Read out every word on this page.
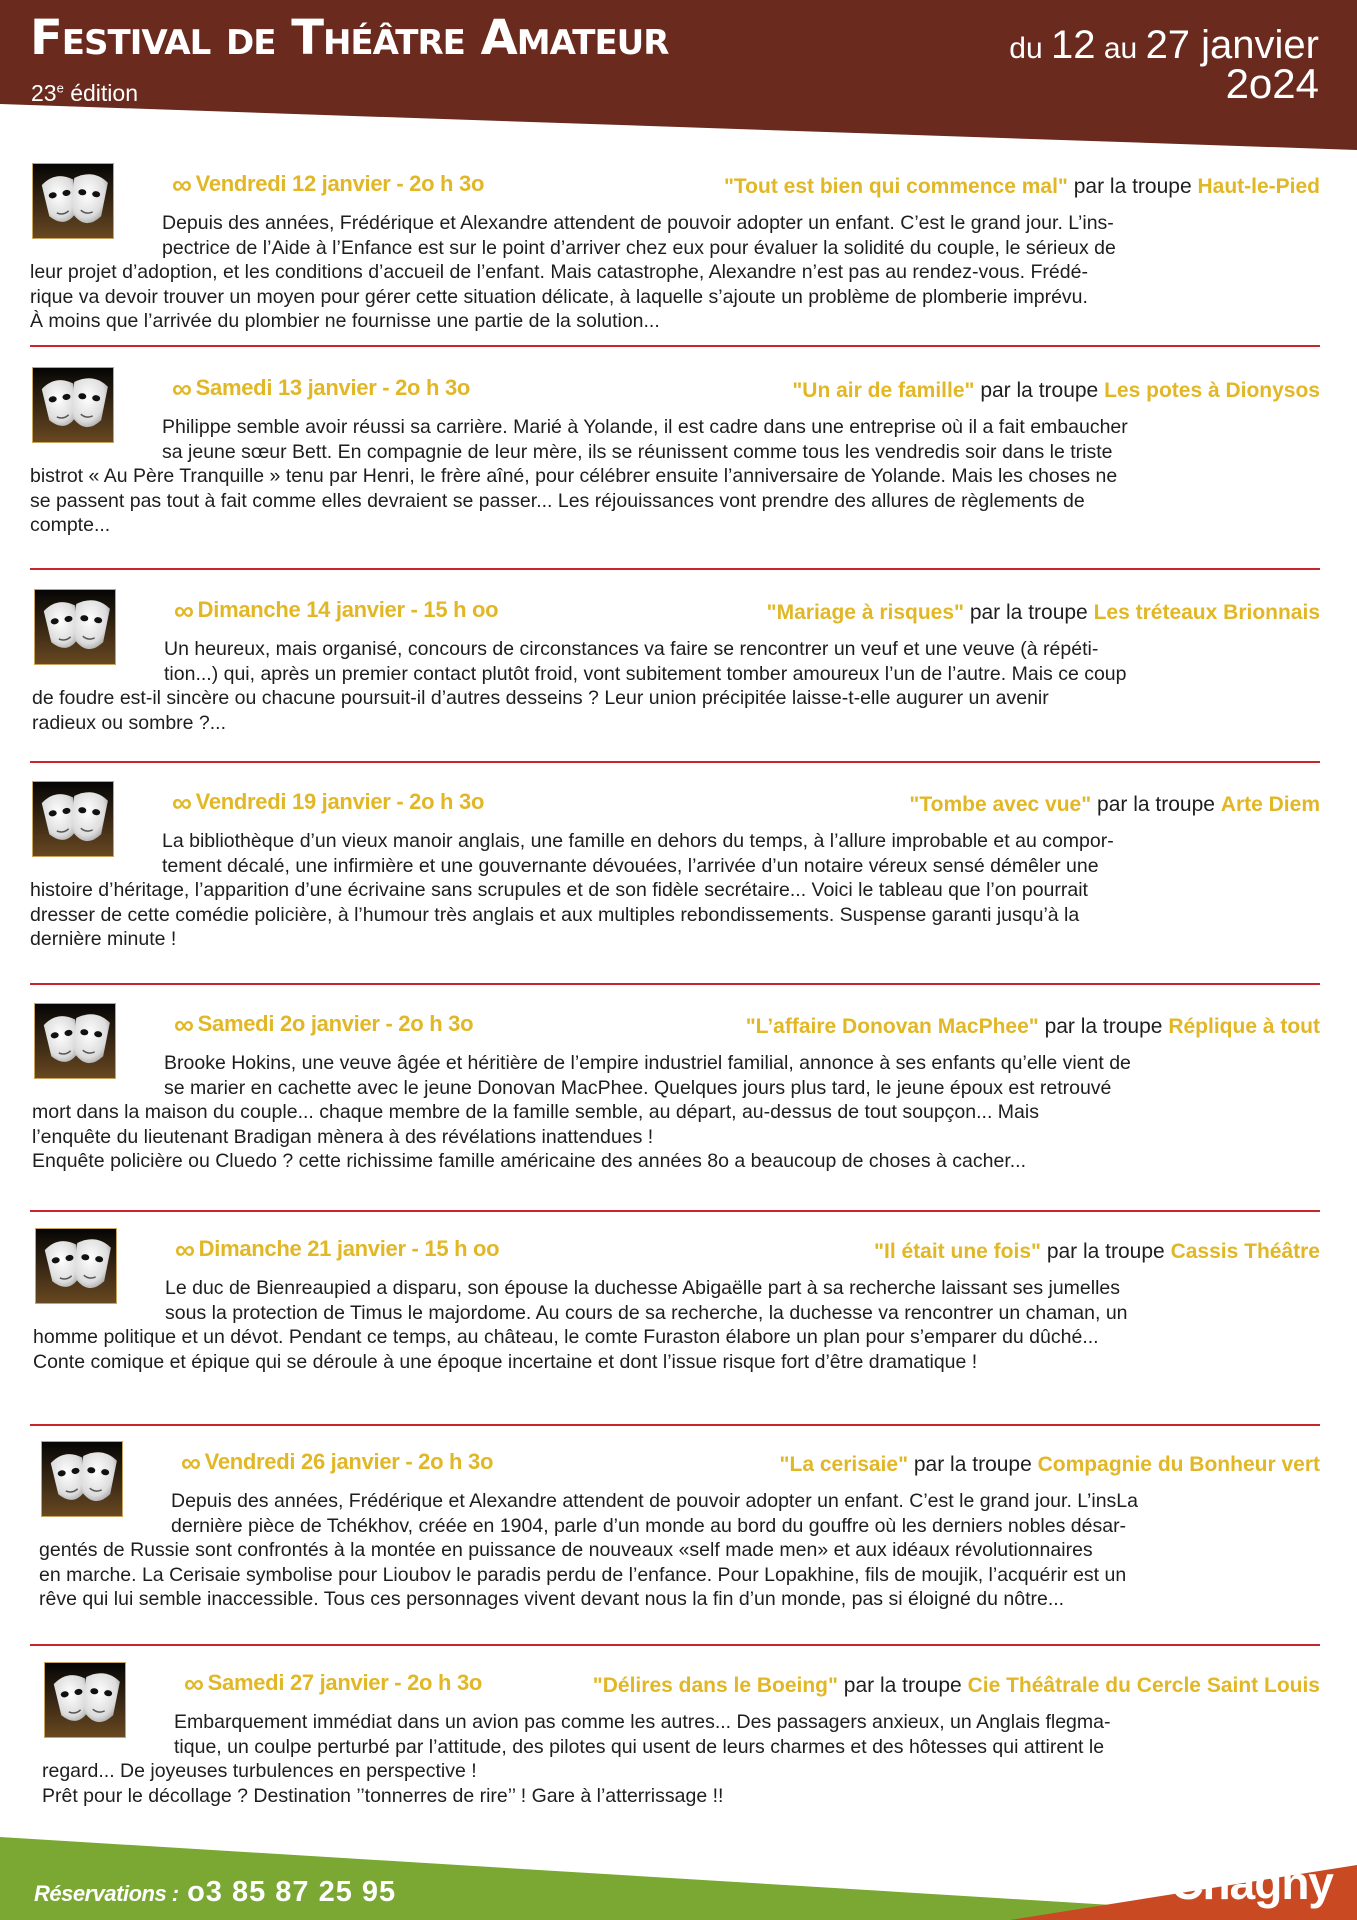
Festival de Théâtre Amateur
23e édition
du 12 au 27 janvier
2o24
∞ Vendredi 12 janvier - 2o h 3o	"Tout est bien qui commence mal" par la troupe Haut-le-Pied
Depuis des années, Frédérique et Alexandre attendent de pouvoir adopter un enfant. C’est le grand jour. L’ins-
pectrice de l’Aide à l’Enfance est sur le point d’arriver chez eux pour évaluer la solidité du couple, le sérieux de
leur projet d’adoption, et les conditions d’accueil de l’enfant. Mais catastrophe, Alexandre n’est pas au rendez-vous. Frédé-
rique va devoir trouver un moyen pour gérer cette situation délicate, à laquelle s’ajoute un problème de plomberie imprévu.
À moins que l’arrivée du plombier ne fournisse une partie de la solution...
∞ Samedi 13 janvier - 2o h 3o	"Un air de famille" par la troupe Les potes à Dionysos
Philippe semble avoir réussi sa carrière. Marié à Yolande, il est cadre dans une entreprise où il a fait embaucher
sa jeune sœur Bett. En compagnie de leur mère, ils se réunissent comme tous les vendredis soir dans le triste
bistrot « Au Père Tranquille » tenu par Henri, le frère aîné, pour célébrer ensuite l’anniversaire de Yolande. Mais les choses ne
se passent pas tout à fait comme elles devraient se passer... Les réjouissances vont prendre des allures de règlements de
compte...
∞ Dimanche 14 janvier - 15 h oo	"Mariage à risques" par la troupe Les tréteaux Brionnais
Un heureux, mais organisé, concours de circonstances va faire se rencontrer un veuf et une veuve (à répéti-
tion...) qui, après un premier contact plutôt froid, vont subitement tomber amoureux l’un de l’autre. Mais ce coup
de foudre est-il sincère ou chacune poursuit-il d’autres desseins ? Leur union précipitée laisse-t-elle augurer un avenir
radieux ou sombre ?...
∞ Vendredi 19 janvier - 2o h 3o	"Tombe avec vue" par la troupe Arte Diem
La bibliothèque d’un vieux manoir anglais, une famille en dehors du temps, à l’allure improbable et au compor-
tement décalé, une infirmière et une gouvernante dévouées, l’arrivée d’un notaire véreux sensé démêler une
histoire d’héritage, l’apparition d’une écrivaine sans scrupules et de son fidèle secrétaire... Voici le tableau que l’on pourrait
dresser de cette comédie policière, à l’humour très anglais et aux multiples rebondissements. Suspense garanti jusqu’à la
dernière minute !
∞ Samedi 2o janvier - 2o h 3o	"L’affaire Donovan MacPhee" par la troupe Réplique à tout
Brooke Hokins, une veuve âgée et héritière de l’empire industriel familial, annonce à ses enfants qu’elle vient de
se marier en cachette avec le jeune Donovan MacPhee. Quelques jours plus tard, le jeune époux est retrouvé
mort dans la maison du couple... chaque membre de la famille semble, au départ, au-dessus de tout soupçon... Mais
l’enquête du lieutenant Bradigan mènera à des révélations inattendues !
Enquête policière ou Cluedo ? cette richissime famille américaine des années 8o a beaucoup de choses à cacher...
∞ Dimanche 21 janvier - 15 h oo	"Il était une fois" par la troupe Cassis Théâtre
Le duc de Bienreaupied a disparu, son épouse la duchesse Abigaëlle part à sa recherche laissant ses jumelles
sous la protection de Timus le majordome. Au cours de sa recherche, la duchesse va rencontrer un chaman, un
homme politique et un dévot. Pendant ce temps, au château, le comte Furaston élabore un plan pour s’emparer du dûché...
Conte comique et épique qui se déroule à une époque incertaine et dont l’issue risque fort d’être dramatique !
∞ Vendredi 26 janvier - 2o h 3o	"La cerisaie" par la troupe Compagnie du Bonheur vert
Depuis des années, Frédérique et Alexandre attendent de pouvoir adopter un enfant. C’est le grand jour. L’insLa
dernière pièce de Tchékhov, créée en 1904, parle d’un monde au bord du gouffre où les derniers nobles désar-
gentés de Russie sont confrontés à la montée en puissance de nouveaux «self made men» et aux idéaux révolutionnaires
en marche. La Cerisaie symbolise pour Lioubov le paradis perdu de l’enfance. Pour Lopakhine, fils de moujik, l’acquérir est un
rêve qui lui semble inaccessible. Tous ces personnages vivent devant nous la fin d’un monde, pas si éloigné du nôtre...
∞ Samedi 27 janvier - 2o h 3o	"Délires dans le Boeing" par la troupe Cie Théâtrale du Cercle Saint Louis
Embarquement immédiat dans un avion pas comme les autres... Des passagers anxieux, un Anglais flegma-
tique, un coulpe perturbé par l’attitude, des pilotes qui usent de leurs charmes et des hôtesses qui attirent le
regard... De joyeuses turbulences en perspective !
Prêt pour le décollage ? Destination ’’tonnerres de rire’’ ! Gare à l’atterrissage !!
Réservations : o3 85 87 25 95
VILLE DE
Chagny
